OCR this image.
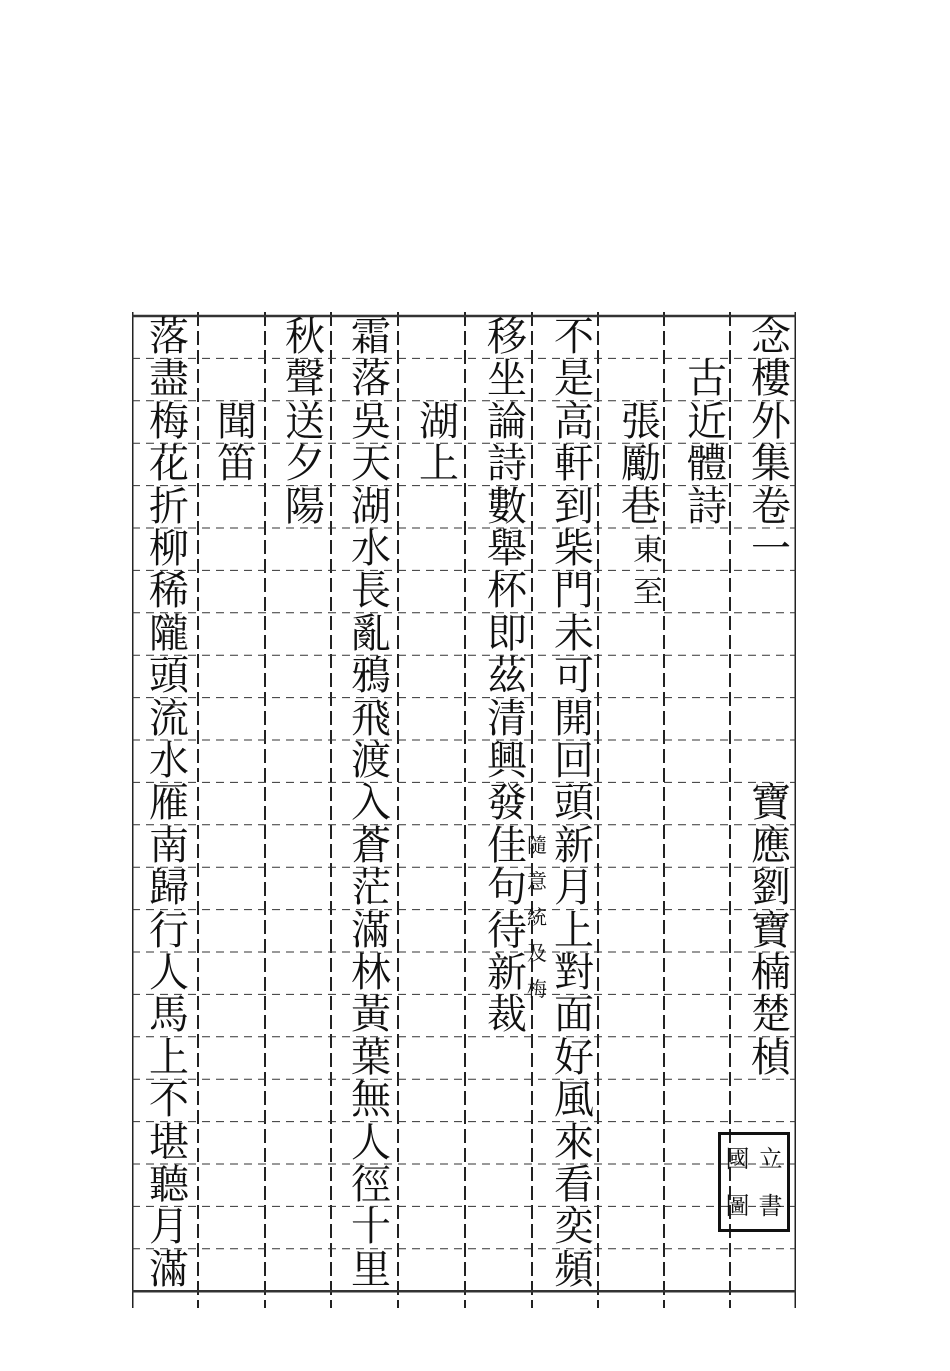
念
樓
外
集
卷
一
寶
應
劉
寶
楠
楚
楨
古
近
體
詩
張
勵
巷
東
至
不
是
高
軒
到
柴
門
未
可
開
回
頭
新
月
上
對
面
好
風
來
看
奕
頻
移
坐
論
詩
數
舉
杯
即
茲
清
興
發
佳
句
待
新
裁
隨
意
統
及
梅
湖
上
霜
落
吳
天
湖
水
長
亂
鴉
飛
渡
入
蒼
茫
滿
林
黃
葉
無
人
徑
十
里
秋
聲
送
夕
陽
聞
笛
落
盡
梅
花
折
柳
稀
隴
頭
流
水
雁
南
歸
行
人
馬
上
不
堪
聽
月
滿
國 立
圖 書
